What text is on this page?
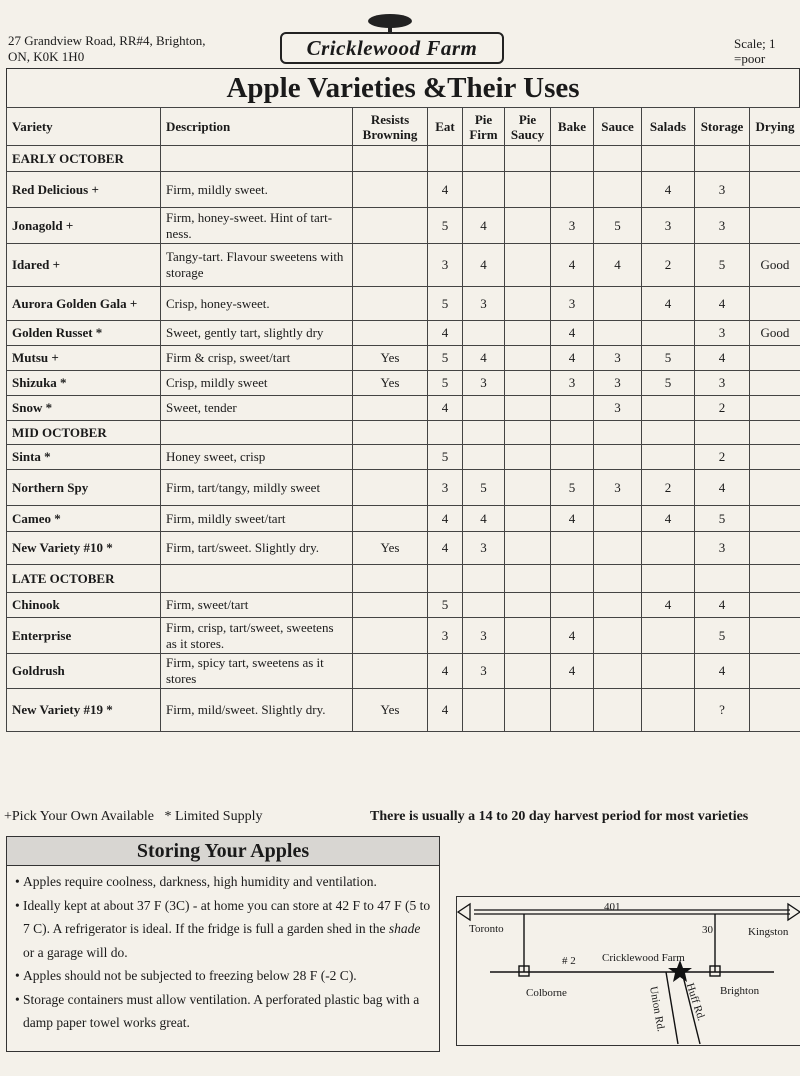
27 Grandview Road, RR#4, Brighton,
ON, K0K 1H0	Cricklewood Farm	Scale; 1 =poor
Apple Varieties &Their Uses
Variety	Description	Resists Browning	Eat	Pie Firm	Pie Saucy	Bake	Sauce	Salads	Storage	Drying
EARLY OCTOBER										
Red Delicious +	Firm, mildly sweet.		4					4	3	
Jonagold +	Firm, honey-sweet. Hint of tart-ness.		5	4		3	5	3	3	
Idared +	Tangy-tart. Flavour sweetens with storage		3	4		4	4	2	5	Good
Aurora Golden Gala +	Crisp, honey-sweet.		5	3		3		4	4	
Golden Russet *	Sweet, gently tart, slightly dry		4			4			3	Good
Mutsu +	Firm & crisp, sweet/tart	Yes	5	4		4	3	5	4	
Shizuka *	Crisp, mildly sweet	Yes	5	3		3	3	5	3	
Snow *	Sweet, tender		4				3		2	
MID OCTOBER										
Sinta *	Honey sweet, crisp		5						2	
Northern Spy	Firm, tart/tangy, mildly sweet		3	5		5	3	2	4	
Cameo *	Firm, mildly sweet/tart		4	4		4		4	5	
New Variety #10 *	Firm, tart/sweet. Slightly dry.	Yes	4	3					3	
LATE OCTOBER										
Chinook	Firm, sweet/tart		5					4	4	
Enterprise	Firm, crisp, tart/sweet, sweetens as it stores.		3	3		4			5	
Goldrush	Firm, spicy tart, sweetens as it stores		4	3		4			4	
New Variety #19 *	Firm, mild/sweet. Slightly dry.	Yes	4						?	
+Pick Your Own Available   * Limited Supply	There is usually a 14 to 20 day harvest period for most varieties
Storing Your Apples
• Apples require coolness, darkness, high humidity and ventilation.
• Ideally kept at about 37 F (3C) - at home you can store at 42 F to 47 F (5 to 7 C). A refrigerator is ideal. If the fridge is full a garden shed in the shade or a garage will do.
• Apples should not be subjected to freezing below 28 F (-2 C).
• Storage containers must allow ventilation. A perforated plastic bag with a damp paper towel works great.
401
Toronto	Kingston
30
# 2 Cricklewood Farm
Colborne	Brighton
Union Rd. Huff Rd.
